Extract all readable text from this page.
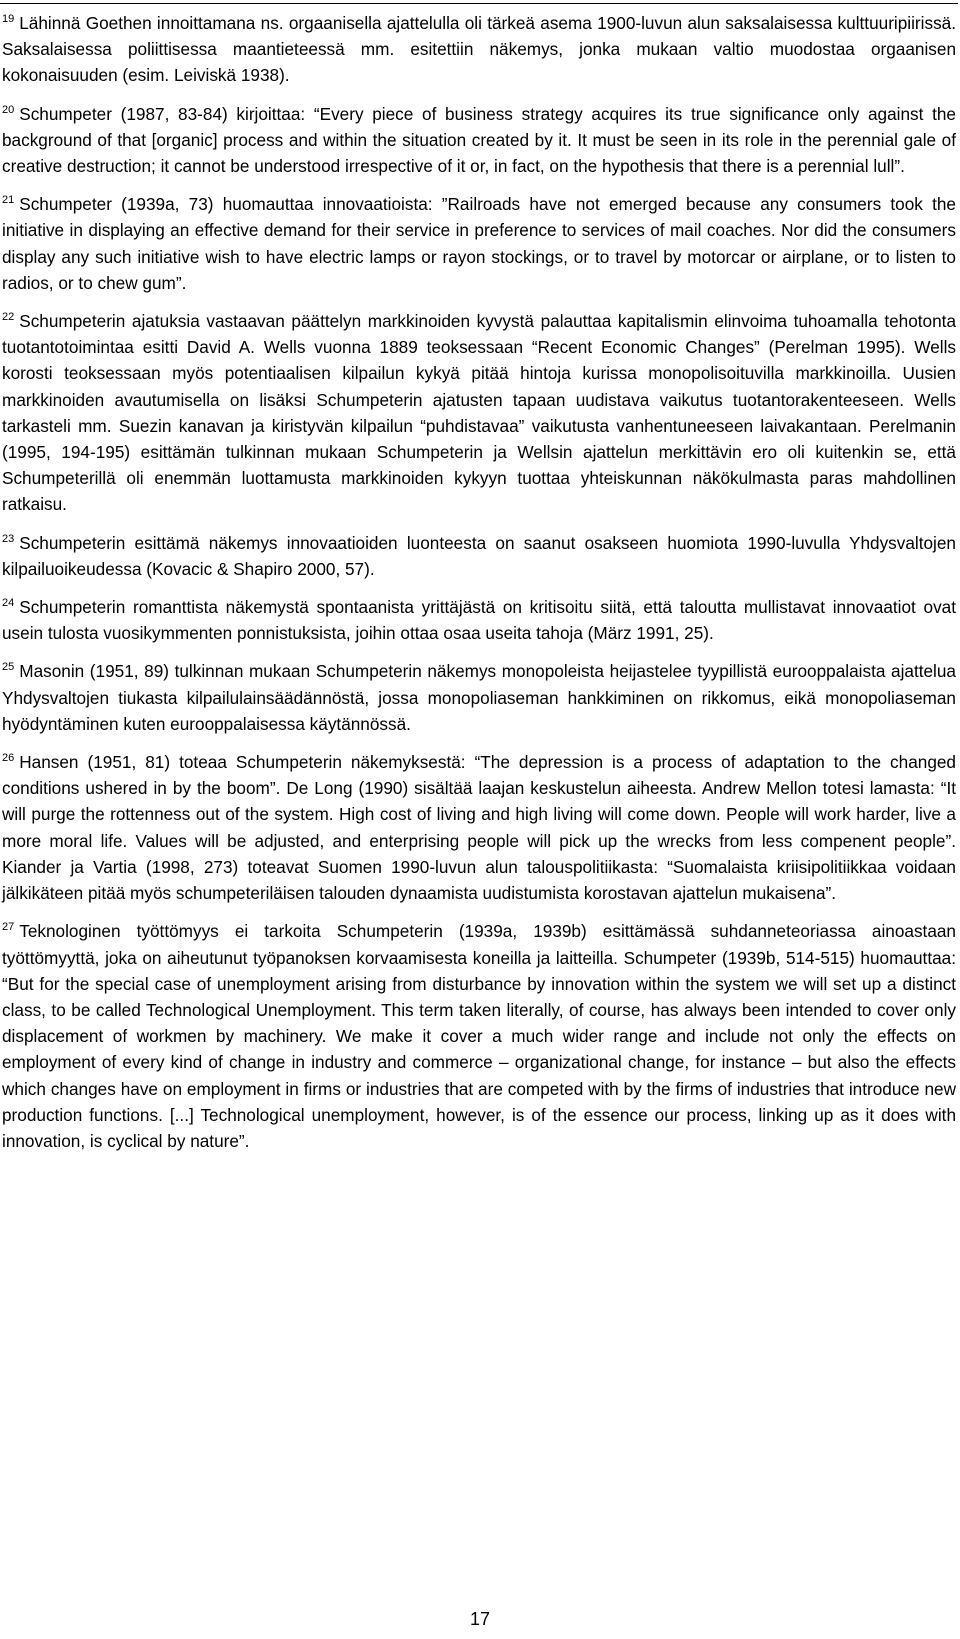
$^{19}$ Lähinnä Goethen innoittamana ns. orgaanisella ajattelulla oli tärkeä asema 1900-luvun alun saksalaisessa kulttuuripiirissä. Saksalaisessa poliittisessa maantieteessä mm. esitettiin näkemys, jonka mukaan valtio muodostaa orgaanisen kokonaisuuden (esim. Leiviskä 1938).

$^{20}$ Schumpeter (1987, 83-84) kirjoittaa: “Every piece of business strategy acquires its true significance only against the background of that [organic] process and within the situation created by it. It must be seen in its role in the perennial gale of creative destruction; it cannot be understood irrespective of it or, in fact, on the hypothesis that there is a perennial lull”.

$^{21}$ Schumpeter (1939a, 73) huomauttaa innovaatioista: ”Railroads have not emerged because any consumers took the initiative in displaying an effective demand for their service in preference to services of mail coaches. Nor did the consumers display any such initiative wish to have electric lamps or rayon stockings, or to travel by motorcar or airplane, or to listen to radios, or to chew gum”.

$^{22}$ Schumpeterin ajatuksia vastaavan päättelyn markkinoiden kyvystä palauttaa kapitalismin elinvoima tuhoamalla tehotonta tuotantotoimintaa esitti David A. Wells vuonna 1889 teoksessaan “Recent Economic Changes” (Perelman 1995). Wells korosti teoksessaan myös potentiaalisen kilpailun kykyä pitää hintoja kurissa monopolisoituvilla markkinoilla. Uusien markkinoiden avautumisella on lisäksi Schumpeterin ajatusten tapaan uudistava vaikutus tuotantorakenteeseen. Wells tarkasteli mm. Suezin kanavan ja kiristyvän kilpailun “puhdistavaa” vaikutusta vanhentuneeseen laivakantaan. Perelmanin (1995, 194-195) esittämän tulkinnan mukaan Schumpeterin ja Wellsin ajattelun merkittävin ero oli kuitenkin se, että Schumpeterillä oli enemmän luottamusta markkinoiden kykyyn tuottaa yhteiskunnan näkökulmasta paras mahdollinen ratkaisu.

$^{23}$ Schumpeterin esittämä näkemys innovaatioiden luonteesta on saanut osakseen huomiota 1990-luvulla Yhdysvaltojen kilpailuoikeudessa (Kovacic & Shapiro 2000, 57).

$^{24}$ Schumpeterin romanttista näkemystä spontaanista yrittäjästä on kritisoitu siitä, että taloutta mullistavat innovaatiot ovat usein tulosta vuosikymmenten ponnistuksista, joihin ottaa osaa useita tahoja (März 1991, 25).

$^{25}$ Masonin (1951, 89) tulkinnan mukaan Schumpeterin näkemys monopoleista heijastelee tyypillistä eurooppalaista ajattelua Yhdysvaltojen tiukasta kilpailulainsäädännöstä, jossa monopoliaseman hankkiminen on rikkomus, eikä monopoliaseman hyödyntäminen kuten eurooppalaisessa käytännössä.

$^{26}$ Hansen (1951, 81) toteaa Schumpeterin näkemyksestä: “The depression is a process of adaptation to the changed conditions ushered in by the boom”. De Long (1990) sisältää laajan keskustelun aiheesta. Andrew Mellon totesi lamasta: “It will purge the rottenness out of the system. High cost of living and high living will come down. People will work harder, live a more moral life. Values will be adjusted, and enterprising people will pick up the wrecks from less compenent people”. Kiander ja Vartia (1998, 273) toteavat Suomen 1990-luvun alun talouspolitiikasta: “Suomalaista kriisipolitiikkaa voidaan jälkikäteen pitää myös schumpeteriläisen talouden dynaamista uudistumista korostavan ajattelun mukaisena”.

$^{27}$ Teknologinen työttömyys ei tarkoita Schumpeterin (1939a, 1939b) esittämässä suhdanneteoriassa ainoastaan työttömyyttä, joka on aiheutunut työpanoksen korvaamisesta koneilla ja laitteilla. Schumpeter (1939b, 514-515) huomauttaa: “But for the special case of unemployment arising from disturbance by innovation within the system we will set up a distinct class, to be called Technological Unemployment. This term taken literally, of course, has always been intended to cover only displacement of workmen by machinery. We make it cover a much wider range and include not only the effects on employment of every kind of change in industry and commerce – organizational change, for instance – but also the effects which changes have on employment in firms or industries that are competed with by the firms of industries that introduce new production functions. [...] Technological unemployment, however, is of the essence our process, linking up as it does with innovation, is cyclical by nature”.

17
